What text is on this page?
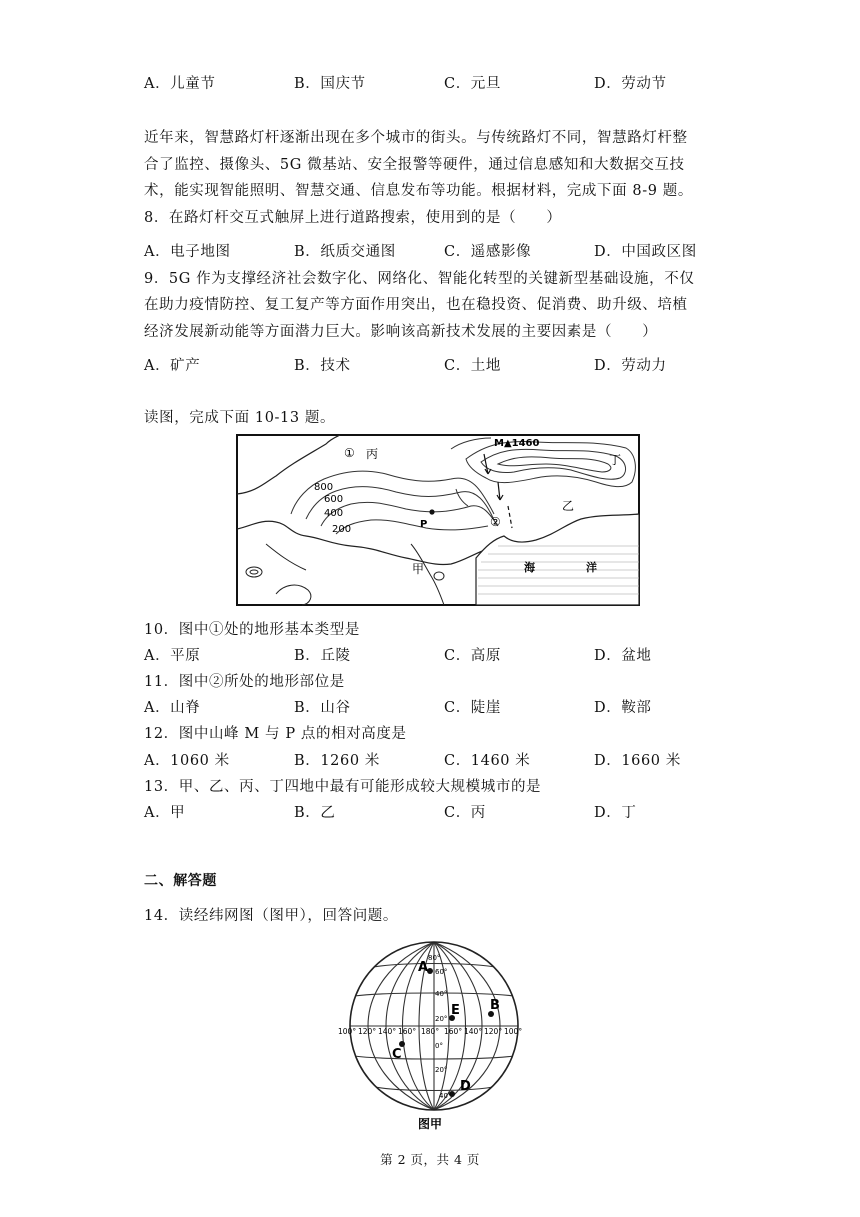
A．儿童节	B．国庆节	C．元旦	D．劳动节
近年来，智慧路灯杆逐渐出现在多个城市的街头。与传统路灯不同，智慧路灯杆整
合了监控、摄像头、5G 微基站、安全报警等硬件，通过信息感知和大数据交互技
术，能实现智能照明、智慧交通、信息发布等功能。根据材料，完成下面 8-9 题。
8．在路灯杆交互式触屏上进行道路搜索，使用到的是（　　）
A．电子地图	B．纸质交通图	C．遥感影像	D．中国政区图
9．5G 作为支撑经济社会数字化、网络化、智能化转型的关键新型基础设施，不仅
在助力疫情防控、复工复产等方面作用突出，也在稳投资、促消费、助升级、培植
经济发展新动能等方面潜力巨大。影响该高新技术发展的主要因素是（　　）
A．矿产	B．技术	C．土地	D．劳动力
读图，完成下面 10-13 题。
① 丙	丁
乙
甲
②
P
M▲1460
800
600
400
200
海	洋
10．图中①处的地形基本类型是
A．平原	B．丘陵	C．高原	D．盆地
11．图中②所处的地形部位是
A．山脊	B．山谷	C．陡崖	D．鞍部
12．图中山峰 M 与 P 点的相对高度是
A．1060 米	B．1260 米	C．1460 米	D．1660 米
13．甲、乙、丙、丁四地中最有可能形成较大规模城市的是
A．甲	B．乙	C．丙	D．丁
二、解答题
14．读经纬网图（图甲），回答问题。
A
B
C
D
E
80°
60°
40°
20°
0°
20°
40°
100° 120° 140° 160° 180° 160° 140° 120° 100°
图甲
第 2 页，共 4 页
